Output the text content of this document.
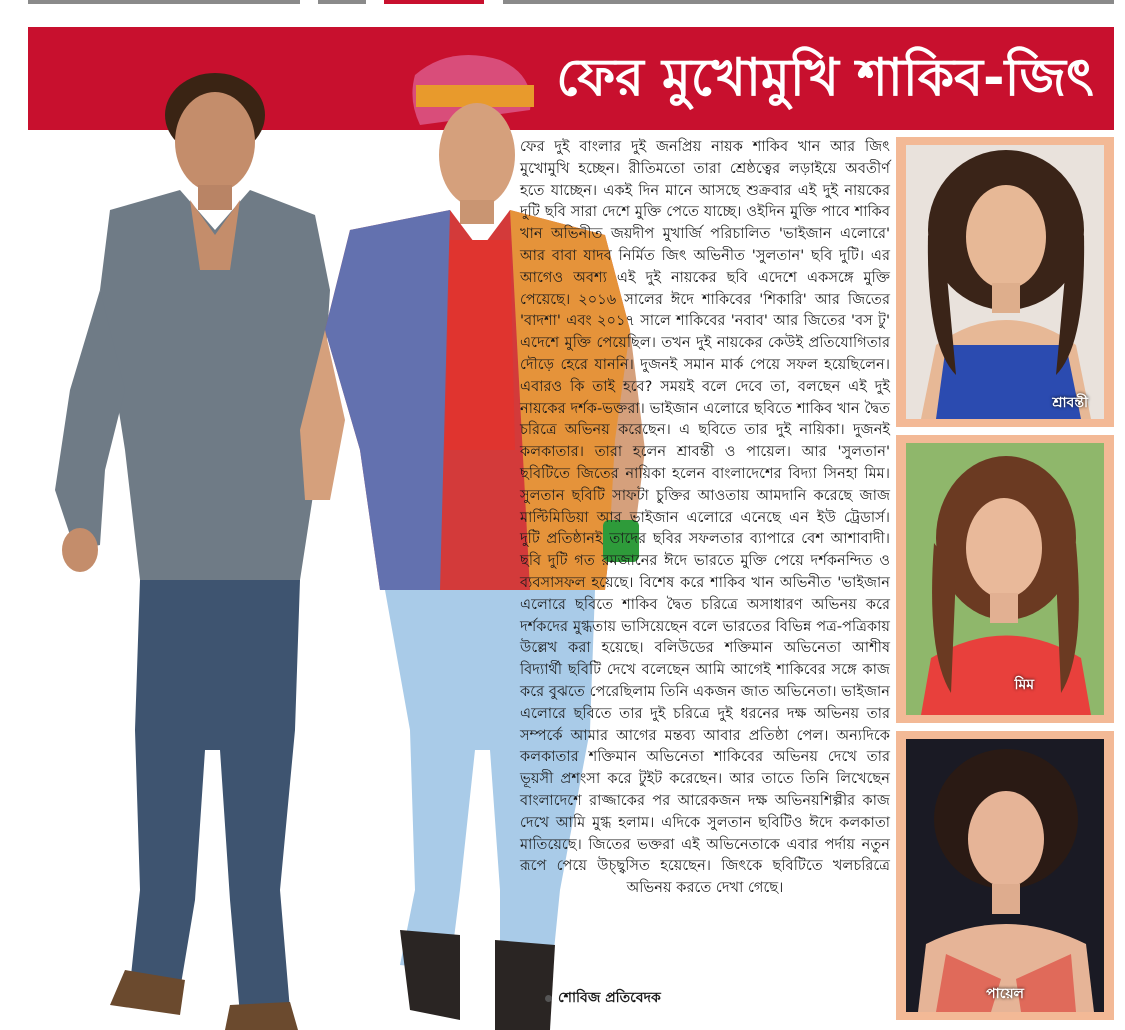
ফের মুখোমুখি শাকিব-জিৎ

ফের দুই বাংলার দুই জনপ্রিয় নায়ক শাকিব খান আর জিৎ মুখোমুখি হচ্ছেন। রীতিমতো তারা শ্রেষ্ঠত্বের লড়াইয়ে অবতীর্ণ হতে যাচ্ছেন। একই দিন মানে আসছে শুক্রবার এই দুই নায়কের দুটি ছবি সারা দেশে মুক্তি পেতে যাচ্ছে। ওইদিন মুক্তি পাবে শাকিব খান অভিনীত জয়দীপ মুখার্জি পরিচালিত 'ভাইজান এলোরে' আর বাবা যাদব নির্মিত জিৎ অভিনীত 'সুলতান' ছবি দুটি। এর আগেও অবশ্য এই দুই নায়কের ছবি এদেশে একসঙ্গে মুক্তি পেয়েছে। ২০১৬ সালের ঈদে শাকিবের 'শিকারি' আর জিতের 'বাদশা' এবং ২০১৭ সালে শাকিবের 'নবাব' আর জিতের 'বস টু' এদেশে মুক্তি পেয়েছিল। তখন দুই নায়কের কেউই প্রতিযোগিতার দৌড়ে হেরে যাননি। দুজনই সমান মার্ক পেয়ে সফল হয়েছিলেন। এবারও কি তাই হবে? সময়ই বলে দেবে তা, বলছেন এই দুই নায়কের দর্শক-ভক্তরা। ভাইজান এলোরে ছবিতে শাকিব খান দ্বৈত চরিত্রে অভিনয় করেছেন। এ ছবিতে তার দুই নায়িকা। দুজনই কলকাতার। তারা হলেন শ্রাবন্তী ও পায়েল। আর 'সুলতান' ছবিটিতে জিতের নায়িকা হলেন বাংলাদেশের বিদ্যা সিনহা মিম। সুলতান ছবিটি সাফটা চুক্তির আওতায় আমদানি করেছে জাজ মাল্টিমিডিয়া আর ভাইজান এলোরে এনেছে এন ইউ ট্রেডার্স। দুটি প্রতিষ্ঠানই তাদের ছবির সফলতার ব্যাপারে বেশ আশাবাদী। ছবি দুটি গত রমজানের ঈদে ভারতে মুক্তি পেয়ে দর্শকনন্দিত ও ব্যবসাসফল হয়েছে। বিশেষ করে শাকিব খান অভিনীত 'ভাইজান এলোরে ছবিতে শাকিব দ্বৈত চরিত্রে অসাধারণ অভিনয় করে দর্শকদের মুগ্ধতায় ভাসিয়েছেন বলে ভারতের বিভিন্ন পত্র-পত্রিকায় উল্লেখ করা হয়েছে। বলিউডের শক্তিমান অভিনেতা আশীষ বিদ্যার্থী ছবিটি দেখে বলেছেন আমি আগেই শাকিবের সঙ্গে কাজ করে বুঝতে পেরেছিলাম তিনি একজন জাত অভিনেতা। ভাইজান এলোরে ছবিতে তার দুই চরিত্রে দুই ধরনের দক্ষ অভিনয় তার সম্পর্কে আমার আগের মন্তব্য আবার প্রতিষ্ঠা পেল। অন্যদিকে কলকাতার শক্তিমান অভিনেতা শাকিবের অভিনয় দেখে তার ভূয়সী প্রশংসা করে টুইট করেছেন। আর তাতে তিনি লিখেছেন বাংলাদেশে রাজ্জাকের পর আরেকজন দক্ষ অভিনয়শিল্পীর কাজ দেখে আমি মুগ্ধ হলাম। এদিকে সুলতান ছবিটিও ঈদে কলকাতা মাতিয়েছে। জিতের ভক্তরা এই অভিনেতাকে এবার পর্দায় নতুন রূপে পেয়ে উচ্ছ্বসিত হয়েছেন। জিৎকে ছবিটিতে খলচরিত্রে অভিনয় করতে দেখা গেছে।

শোবিজ প্রতিবেদক
শ্রাবন্তী
মিম
পায়েল
